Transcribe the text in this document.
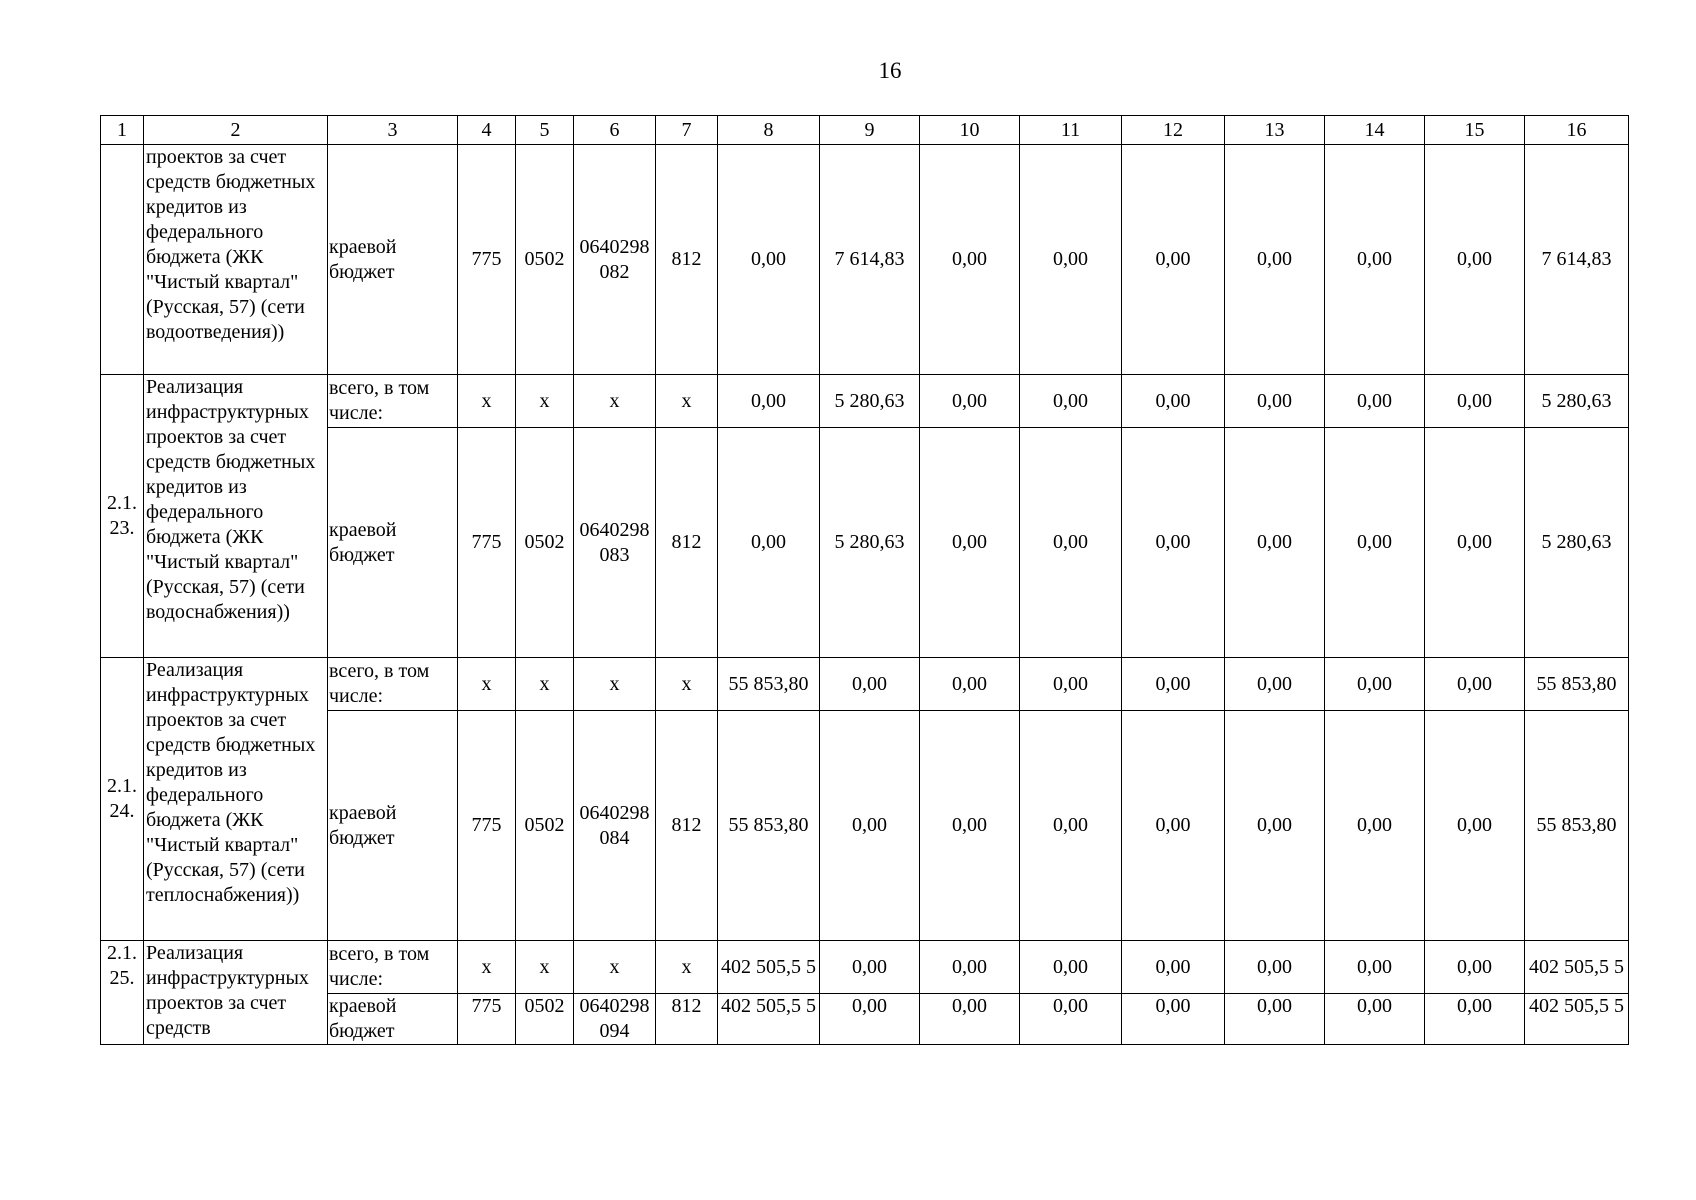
16
1	2	3	4	5	6	7	8	9	10	11	12	13	14	15	16
	проектов за счет средств бюджетных кредитов из федерального бюджета (ЖК "Чистый квартал" (Русская, 57) (сети водоотведения))	краевой бюджет	775	0502	0640298 082	812	0,00	7 614,83	0,00	0,00	0,00	0,00	0,00	0,00	7 614,83
2.1. 23.	Реализация инфраструктурных проектов за счет средств бюджетных кредитов из федерального бюджета (ЖК "Чистый квартал" (Русская, 57) (сети водоснабжения))	всего, в том числе:	x	x	x	x	0,00	5 280,63	0,00	0,00	0,00	0,00	0,00	0,00	5 280,63
		краевой бюджет	775	0502	0640298 083	812	0,00	5 280,63	0,00	0,00	0,00	0,00	0,00	0,00	5 280,63
2.1. 24.	Реализация инфраструктурных проектов за счет средств бюджетных кредитов из федерального бюджета (ЖК "Чистый квартал" (Русская, 57) (сети теплоснабжения))	всего, в том числе:	x	x	x	x	55 853,80	0,00	0,00	0,00	0,00	0,00	0,00	0,00	55 853,80
		краевой бюджет	775	0502	0640298 084	812	55 853,80	0,00	0,00	0,00	0,00	0,00	0,00	0,00	55 853,80
2.1. 25.	Реализация инфраструктурных проектов за счет средств	всего, в том числе:	x	x	x	x	402 505,5 5	0,00	0,00	0,00	0,00	0,00	0,00	0,00	402 505,5 5
		краевой бюджет	775	0502	0640298 094	812	402 505,5 5	0,00	0,00	0,00	0,00	0,00	0,00	0,00	402 505,5 5
